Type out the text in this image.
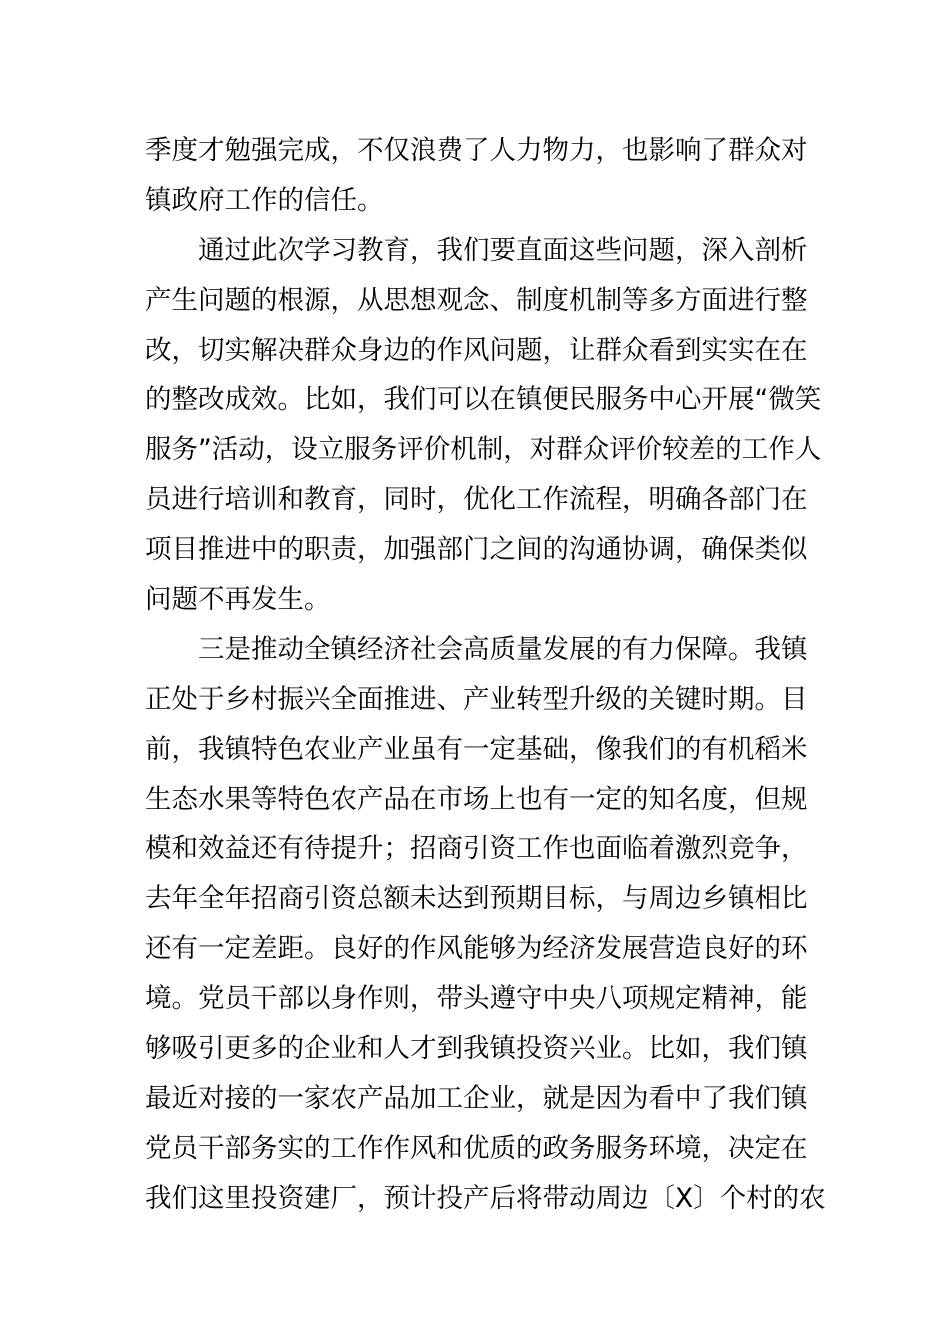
季度才勉强完成，不仅浪费了人力物力，也影响了群众对
镇政府工作的信任。
　　通过此次学习教育，我们要直面这些问题，深入剖析
产生问题的根源，从思想观念、制度机制等多方面进行整
改，切实解决群众身边的作风问题，让群众看到实实在在
的整改成效。比如，我们可以在镇便民服务中心开展“微笑
服务”活动，设立服务评价机制，对群众评价较差的工作人
员进行培训和教育，同时，优化工作流程，明确各部门在
项目推进中的职责，加强部门之间的沟通协调，确保类似
问题不再发生。
　　三是推动全镇经济社会高质量发展的有力保障。我镇
正处于乡村振兴全面推进、产业转型升级的关键时期。目
前，我镇特色农业产业虽有一定基础，像我们的有机稻米
生态水果等特色农产品在市场上也有一定的知名度，但规
模和效益还有待提升；招商引资工作也面临着激烈竞争，
去年全年招商引资总额未达到预期目标，与周边乡镇相比
还有一定差距。良好的作风能够为经济发展营造良好的环
境。党员干部以身作则，带头遵守中央八项规定精神，能
够吸引更多的企业和人才到我镇投资兴业。比如，我们镇
最近对接的一家农产品加工企业，就是因为看中了我们镇
党员干部务实的工作作风和优质的政务服务环境，决定在
我们这里投资建厂，预计投产后将带动周边〔X〕个村的农
